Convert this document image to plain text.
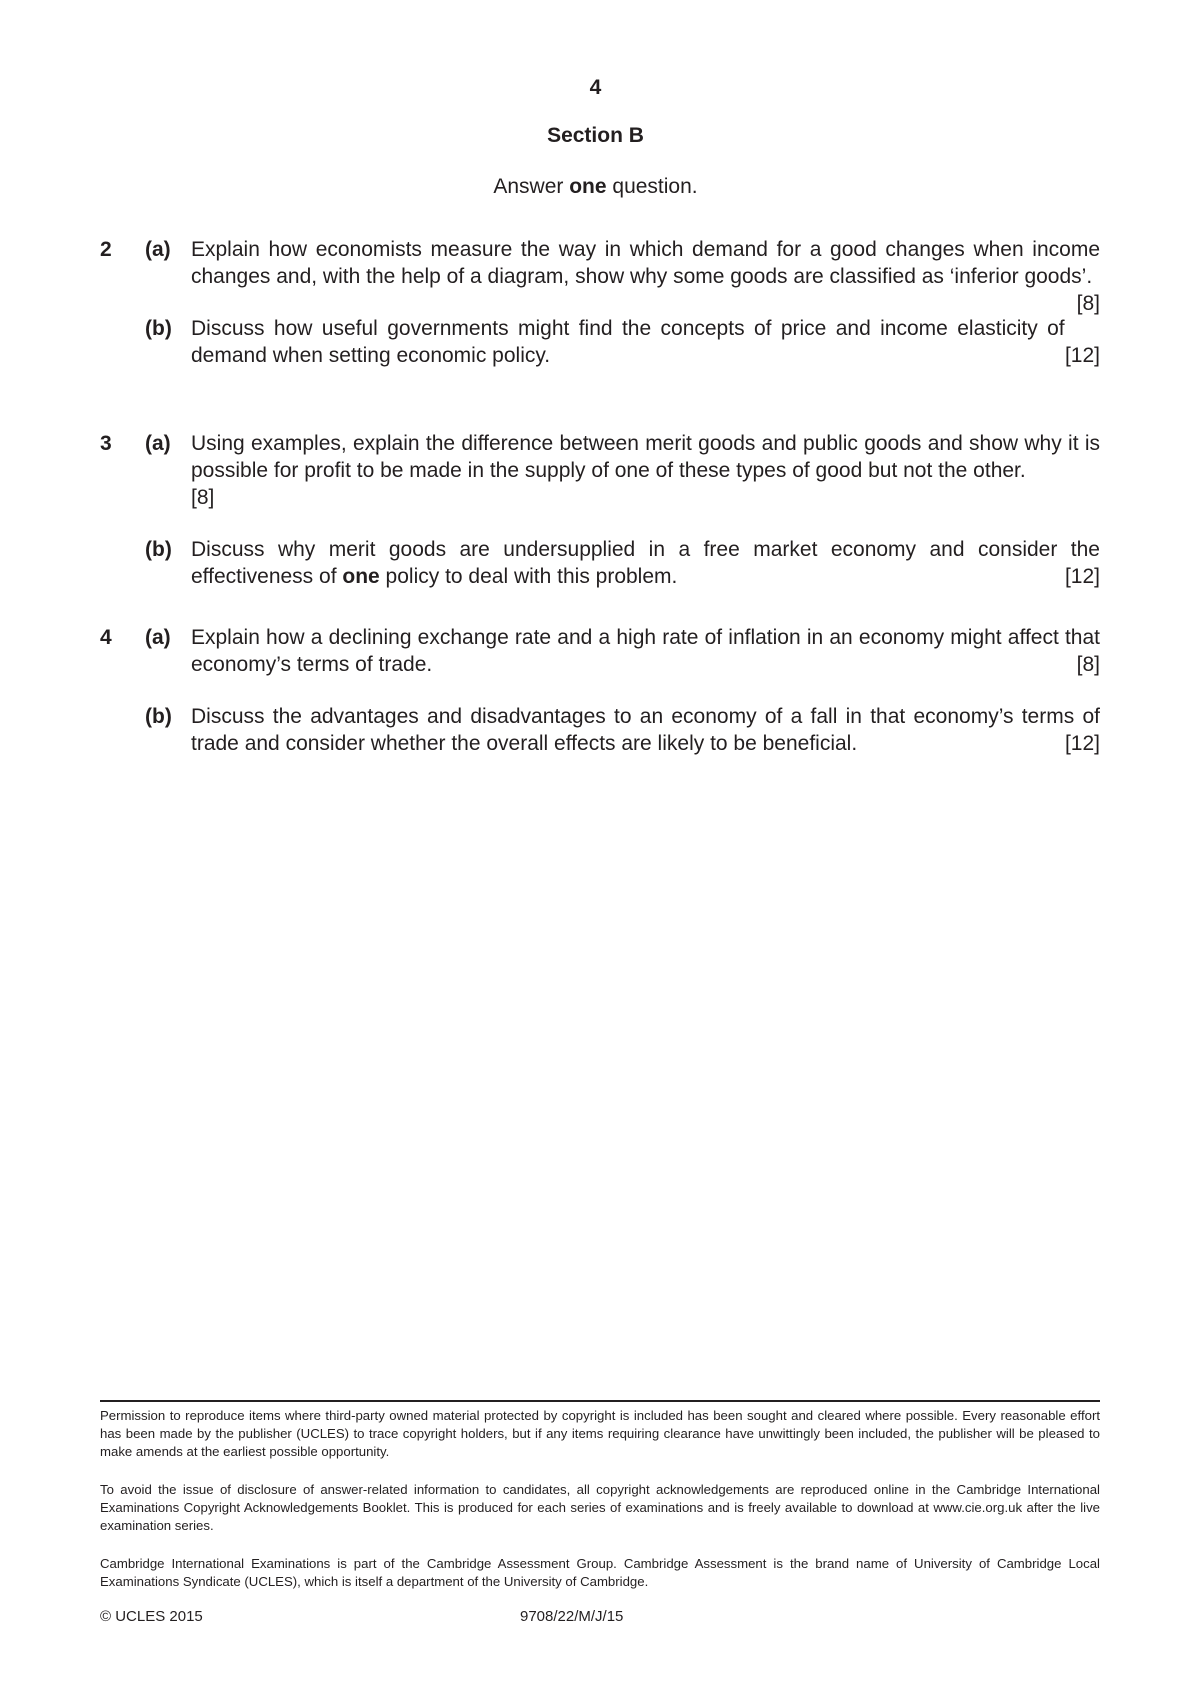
4
Section B
Answer one question.
2 (a) Explain how economists measure the way in which demand for a good changes when income changes and, with the help of a diagram, show why some goods are classified as ‘inferior goods’.
[8]
(b) Discuss how useful governments might find the concepts of price and income elasticity of demand when setting economic policy.	[12]
3 (a) Using examples, explain the difference between merit goods and public goods and show why it is possible for profit to be made in the supply of one of these types of good but not the other.
[8]
(b) Discuss why merit goods are undersupplied in a free market economy and consider the effectiveness of one policy to deal with this problem.	[12]
4 (a) Explain how a declining exchange rate and a high rate of inflation in an economy might affect that economy’s terms of trade.	[8]
(b) Discuss the advantages and disadvantages to an economy of a fall in that economy’s terms of trade and consider whether the overall effects are likely to be beneficial.	[12]
Permission to reproduce items where third-party owned material protected by copyright is included has been sought and cleared where possible. Every reasonable effort has been made by the publisher (UCLES) to trace copyright holders, but if any items requiring clearance have unwittingly been included, the publisher will be pleased to make amends at the earliest possible opportunity.
To avoid the issue of disclosure of answer-related information to candidates, all copyright acknowledgements are reproduced online in the Cambridge International Examinations Copyright Acknowledgements Booklet. This is produced for each series of examinations and is freely available to download at www.cie.org.uk after the live examination series.
Cambridge International Examinations is part of the Cambridge Assessment Group. Cambridge Assessment is the brand name of University of Cambridge Local Examinations Syndicate (UCLES), which is itself a department of the University of Cambridge.
© UCLES 2015	9708/22/M/J/15
